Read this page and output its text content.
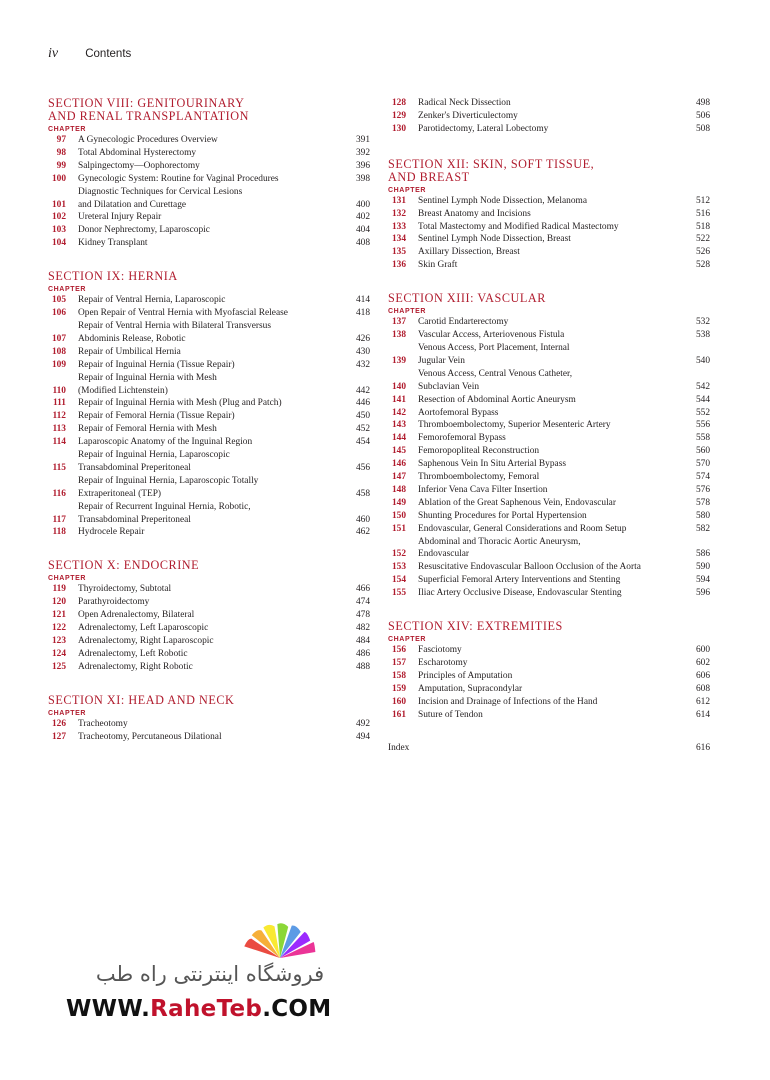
iv Contents
SECTION VIII: GENITOURINARY
AND RENAL TRANSPLANTATION
CHAPTER
97	A Gynecologic Procedures Overview	391
98	Total Abdominal Hysterectomy	392
99	Salpingectomy—Oophorectomy	396
100	Gynecologic System: Routine for Vaginal Procedures	398
101
Diagnostic Techniques for Cervical Lesions
and Dilatation and Curettage	400
102	Ureteral Injury Repair	402
103	Donor Nephrectomy, Laparoscopic	404
104	Kidney Transplant	408
SECTION IX: HERNIA
CHAPTER
105	Repair of Ventral Hernia, Laparoscopic	414
106	Open Repair of Ventral Hernia with Myofascial Release	418
107
Repair of Ventral Hernia with Bilateral Transversus
Abdominis Release, Robotic	426
108	Repair of Umbilical Hernia	430
109	Repair of Inguinal Hernia (Tissue Repair)	432
110
Repair of Inguinal Hernia with Mesh
(Modified Lichtenstein)	442
111	Repair of Inguinal Hernia with Mesh (Plug and Patch)	446
112	Repair of Femoral Hernia (Tissue Repair)	450
113	Repair of Femoral Hernia with Mesh	452
114	Laparoscopic Anatomy of the Inguinal Region	454
115
Repair of Inguinal Hernia, Laparoscopic
Transabdominal Preperitoneal	456
116
Repair of Inguinal Hernia, Laparoscopic Totally
Extraperitoneal (TEP)	458
117
Repair of Recurrent Inguinal Hernia, Robotic,
Transabdominal Preperitoneal	460
118	Hydrocele Repair	462
SECTION X: ENDOCRINE
CHAPTER
119	Thyroidectomy, Subtotal	466
120	Parathyroidectomy	474
121	Open Adrenalectomy, Bilateral	478
122	Adrenalectomy, Left Laparoscopic	482
123	Adrenalectomy, Right Laparoscopic	484
124	Adrenalectomy, Left Robotic	486
125	Adrenalectomy, Right Robotic	488
SECTION XI: HEAD AND NECK
CHAPTER
126	Tracheotomy	492
127	Tracheotomy, Percutaneous Dilational	494
128	Radical Neck Dissection	498
129	Zenker's Diverticulectomy	506
130	Parotidectomy, Lateral Lobectomy	508
SECTION XII: SKIN, SOFT TISSUE,
AND BREAST
CHAPTER
131	Sentinel Lymph Node Dissection, Melanoma	512
132	Breast Anatomy and Incisions	516
133	Total Mastectomy and Modified Radical Mastectomy	518
134	Sentinel Lymph Node Dissection, Breast	522
135	Axillary Dissection, Breast	526
136	Skin Graft	528
SECTION XIII: VASCULAR
CHAPTER
137	Carotid Endarterectomy	532
138	Vascular Access, Arteriovenous Fistula	538
139
Venous Access, Port Placement, Internal
Jugular Vein	540
140
Venous Access, Central Venous Catheter,
Subclavian Vein	542
141	Resection of Abdominal Aortic Aneurysm	544
142	Aortofemoral Bypass	552
143	Thromboembolectomy, Superior Mesenteric Artery	556
144	Femorofemoral Bypass	558
145	Femoropopliteal Reconstruction	560
146	Saphenous Vein In Situ Arterial Bypass	570
147	Thromboembolectomy, Femoral	574
148	Inferior Vena Cava Filter Insertion	576
149	Ablation of the Great Saphenous Vein, Endovascular	578
150	Shunting Procedures for Portal Hypertension	580
151	Endovascular, General Considerations and Room Setup	582
152
Abdominal and Thoracic Aortic Aneurysm,
Endovascular	586
153	Resuscitative Endovascular Balloon Occlusion of the Aorta	590
154	Superficial Femoral Artery Interventions and Stenting	594
155	Iliac Artery Occlusive Disease, Endovascular Stenting	596
SECTION XIV: EXTREMITIES
CHAPTER
156	Fasciotomy	600
157	Escharotomy	602
158	Principles of Amputation	606
159	Amputation, Supracondylar	608
160	Incision and Drainage of Infections of the Hand	612
161	Suture of Tendon	614
Index	616
فروشگاه اینترنتی راه طب
WWW.RaheTeb.COM
